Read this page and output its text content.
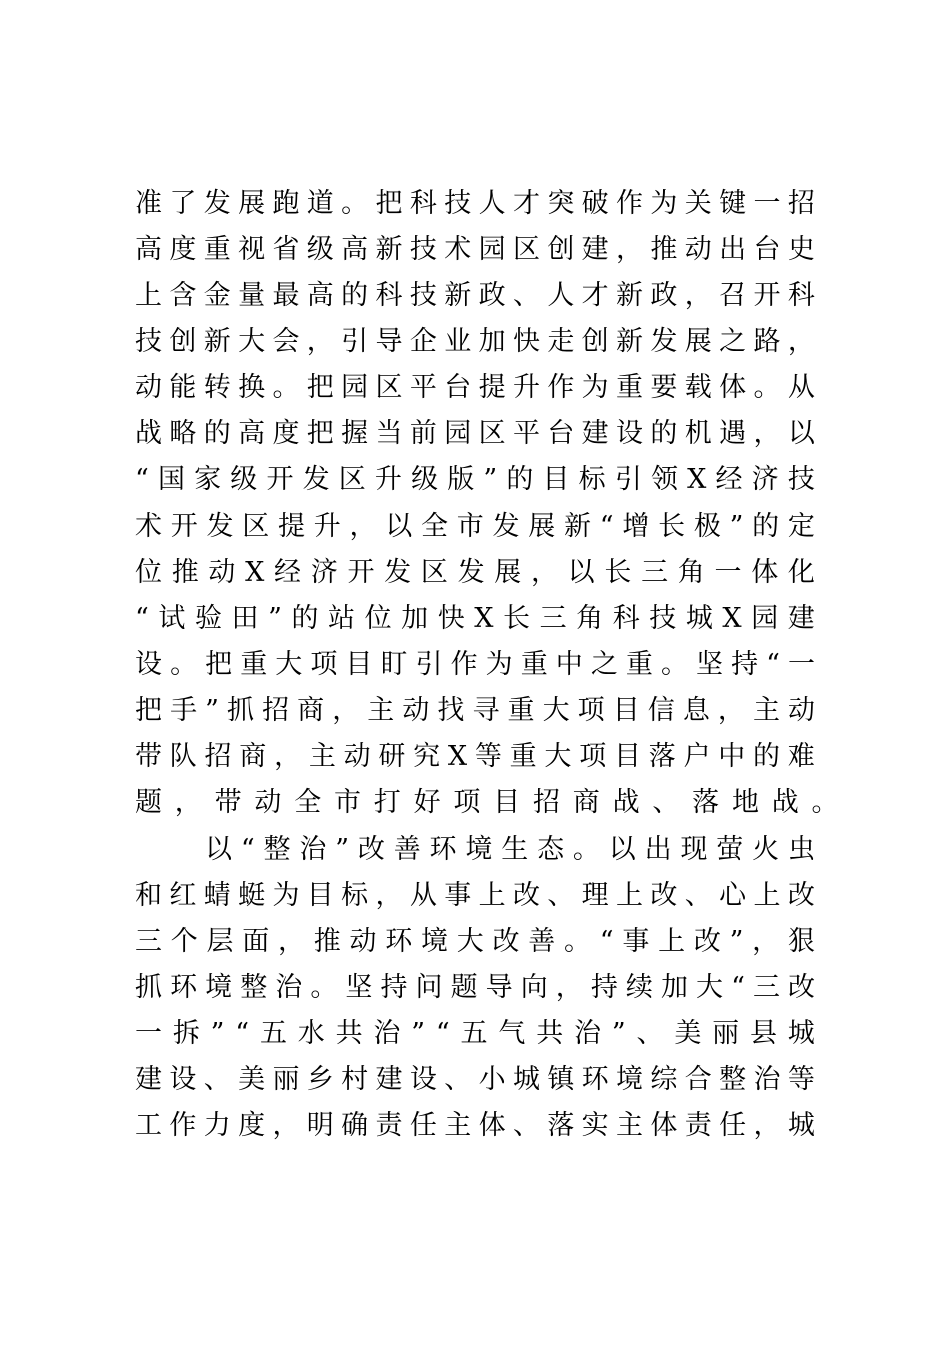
准 了 发 展 跑 道 。 把 科 技 人 才 突 破 作 为 关 键 一 招
高 度 重 视 省 级 高 新 技 术 园 区 创 建 ， 推 动 出 台 史
上 含 金 量 最 高 的 科 技 新 政 、 人 才 新 政 ， 召 开 科
技 创 新 大 会 ， 引 导 企 业 加 快 走 创 新 发 展 之 路 ，
动 能 转 换 。 把 园 区 平 台 提 升 作 为 重 要 载 体 。 从
战 略 的 高 度 把 握 当 前 园 区 平 台 建 设 的 机 遇 ， 以
“ 国 家 级 开 发 区 升 级 版 ” 的 目 标 引 领 X 经 济 技
术 开 发 区 提 升 ， 以 全 市 发 展 新 “ 增 长 极 ” 的 定
位 推 动 X 经 济 开 发 区 发 展 ， 以 长 三 角 一 体 化
“ 试 验 田 ” 的 站 位 加 快 X 长 三 角 科 技 城 X 园 建
设 。 把 重 大 项 目 盯 引 作 为 重 中 之 重 。 坚 持 “ 一
把 手 ” 抓 招 商 ， 主 动 找 寻 重 大 项 目 信 息 ， 主 动
带 队 招 商 ， 主 动 研 究 X 等 重 大 项 目 落 户 中 的 难
题 ， 带 动 全 市 打 好 项 目 招 商 战 、 落 地 战 。
以 “ 整 治 ” 改 善 环 境 生 态 。 以 出 现 萤 火 虫
和 红 蜻 蜓 为 目 标 ， 从 事 上 改 、 理 上 改 、 心 上 改
三 个 层 面 ， 推 动 环 境 大 改 善 。 “ 事 上 改 ” ， 狠
抓 环 境 整 治 。 坚 持 问 题 导 向 ， 持 续 加 大 “ 三 改
一 拆 ” “ 五 水 共 治 ” “ 五 气 共 治 ” 、 美 丽 县 城
建 设 、 美 丽 乡 村 建 设 、 小 城 镇 环 境 综 合 整 治 等
工 作 力 度 ， 明 确 责 任 主 体 、 落 实 主 体 责 任 ， 城
